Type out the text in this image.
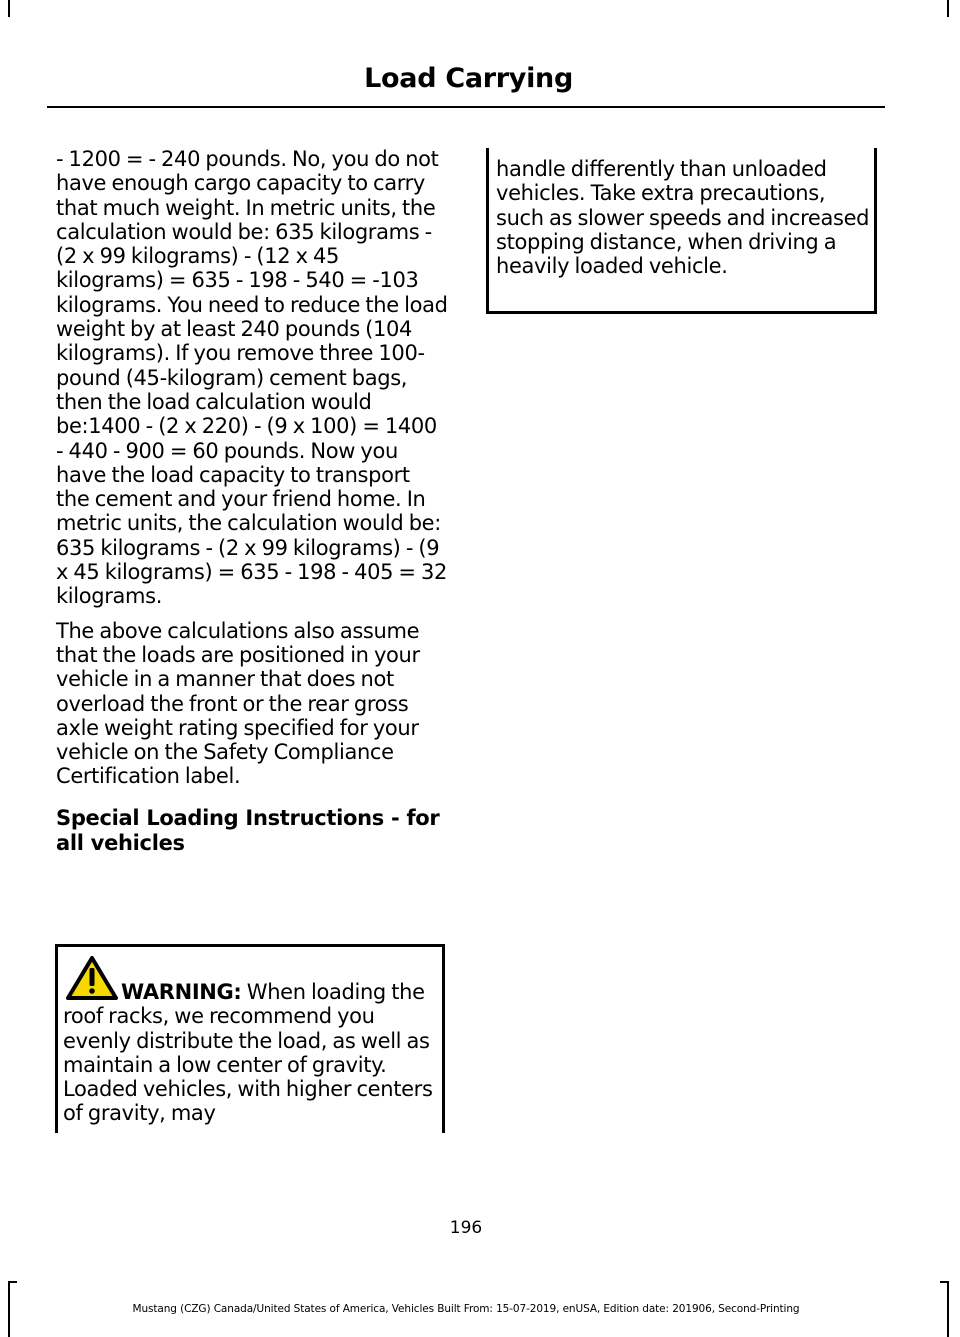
Load Carrying

- 1200 = - 240 pounds. No, you do not have enough cargo capacity to carry that much weight. In metric units, the calculation would be: 635 kilograms - (2 x 99 kilograms) - (12 x 45 kilograms) = 635 - 198 - 540 = -103 kilograms. You need to reduce the load weight by at least 240 pounds (104 kilograms). If you remove three 100-pound (45-kilogram) cement bags, then the load calculation would be:1400 - (2 x 220) - (9 x 100) = 1400 - 440 - 900 = 60 pounds. Now you have the load capacity to transport the cement and your friend home. In metric units, the calculation would be: 635 kilograms - (2 x 99 kilograms) - (9 x 45 kilograms) = 635 - 198 - 405 = 32 kilograms.

The above calculations also assume that the loads are positioned in your vehicle in a manner that does not overload the front or the rear gross axle weight rating specified for your vehicle on the Safety Compliance Certification label.

Special Loading Instructions - for all vehicles

WARNING: When loading the roof racks, we recommend you evenly distribute the load, as well as maintain a low center of gravity. Loaded vehicles, with higher centers of gravity, may

handle differently than unloaded vehicles. Take extra precautions, such as slower speeds and increased stopping distance, when driving a heavily loaded vehicle.

196
Mustang (CZG) Canada/United States of America, Vehicles Built From: 15-07-2019, enUSA, Edition date: 201906, Second-Printing
